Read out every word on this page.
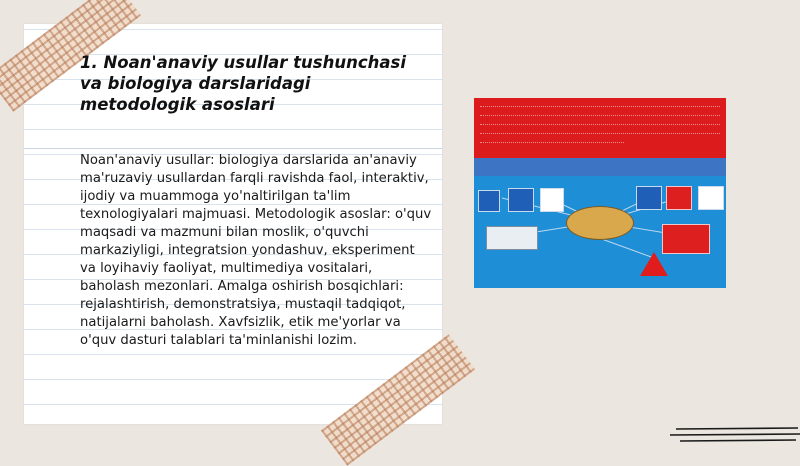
1. Noan'anaviy usullar tushunchasi va biologiya darslaridagi metodologik asoslari

Noan'anaviy usullar: biologiya darslarida an'anaviy ma'ruzaviy usullardan farqli ravishda faol, interaktiv, ijodiy va muammoga yo'naltirilgan ta'lim texnologiyalari majmuasi. Metodologik asoslar: o'quv maqsadi va mazmuni bilan moslik, o'quvchi markaziyligi, integratsion yondashuv, eksperiment va loyihaviy faoliyat, multimediya vositalari, baholash mezonlari. Amalga oshirish bosqichlari: rejalashtirish, demonstratsiya, mustaqil tadqiqot, natijalarni baholash. Xavfsizlik, etik me'yorlar va o'quv dasturi talablari ta'minlanishi lozim.
